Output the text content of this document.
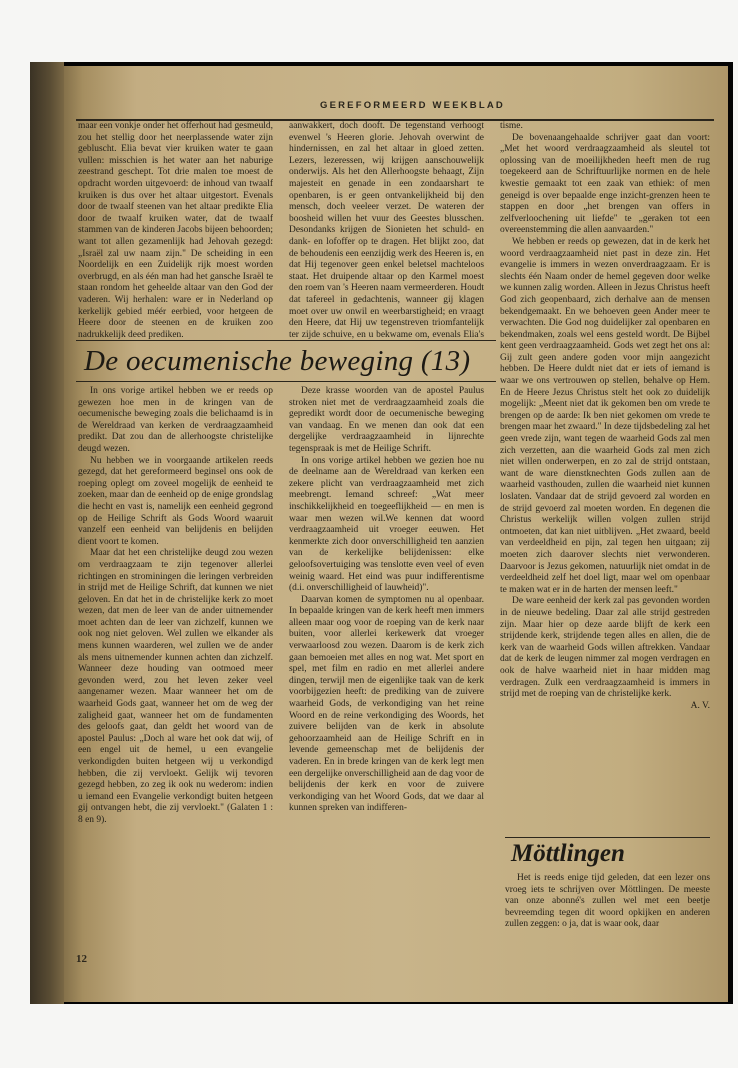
GEREFORMEERD WEEKBLAD

maar een vonkje onder het offerhout had gesmeuld, zou het stellig door het neerplassende water zijn gebluscht. Elia bevat vier kruiken water te gaan vullen: misschien is het water aan het naburige zeestrand geschept. Tot drie malen toe moest de opdracht worden uitgevoerd: de inhoud van twaalf kruiken is dus over het altaar uitgestort. Evenals door de twaalf steenen van het altaar predikte Elia door de twaalf kruiken water, dat de twaalf stammen van de kinderen Jacobs bijeen behoorden; want tot allen gezamenlijk had Jehovah gezegd: „Israël zal uw naam zijn." De scheiding in een Noordelijk en een Zuidelijk rijk moest worden overbrugd, en als één man had het gansche Israël te staan rondom het geheelde altaar van den God der vaderen. Wij herhalen: ware er in Nederland op kerkelijk gebied méér eerbied, voor hetgeen de Heere door de steenen en de kruiken zoo nadrukkelijk deed prediken.

aanwakkert, doch dooft. De tegenstand verhoogt evenwel 's Heeren glorie. Jehovah overwint de hindernissen, en zal het altaar in gloed zetten. Lezers, lezeressen, wij krijgen aanschouwelijk onderwijs. Als het den Allerhoogste behaagt, Zijn majesteit en genade in een zondaarshart te openbaren, is er geen ontvankelijkheid bij den mensch, doch veeleer verzet. De wateren der boosheid willen het vuur des Geestes blusschen. Desondanks krijgen de Sionieten het schuld- en dank- en lofoffer op te dragen. Het blijkt zoo, dat de behoudenis een eenzijdig werk des Heeren is, en dat Hij tegenover geen enkel beletsel machteloos staat. Het druipende altaar op den Karmel moest den roem van 's Heeren naam vermeerderen. Houdt dat tafereel in gedachtenis, wanneer gij klagen moet over uw onwil en weerbarstigheid; en vraagt den Heere, dat Hij uw tegenstreven triomfantelijk ter zijde schuive, en u bekwame om, evenals Elia's

De oecumenische beweging (13)

In ons vorige artikel hebben we er reeds op gewezen hoe men in de kringen van de oecumenische beweging zoals die belichaamd is in de Wereldraad van kerken de verdraagzaamheid predikt. Dat zou dan de allerhoogste christelijke deugd wezen.

Nu hebben we in voorgaande artikelen reeds gezegd, dat het gereformeerd beginsel ons ook de roeping oplegt om zoveel mogelijk de eenheid te zoeken, maar dan de eenheid op de enige grondslag die hecht en vast is, namelijk een eenheid gegrond op de Heilige Schrift als Gods Woord waaruit vanzelf een eenheid van belijdenis en belijden dient voort te komen.

Maar dat het een christelijke deugd zou wezen om verdraagzaam te zijn tegenover allerlei richtingen en strominingen die leringen verbreiden in strijd met de Heilige Schrift, dat kunnen we niet geloven. En dat het in de christelijke kerk zo moet wezen, dat men de leer van de ander uitnemender moet achten dan de leer van zichzelf, kunnen we ook nog niet geloven. Wel zullen we elkander als mens kunnen waarderen, wel zullen we de ander als mens uitnemender kunnen achten dan zichzelf. Wanneer deze houding van ootmoed meer gevonden werd, zou het leven zeker veel aangenamer wezen. Maar wanneer het om de waarheid Gods gaat, wanneer het om de weg der zaligheid gaat, wanneer het om de fundamenten des geloofs gaat, dan geldt het woord van de apostel Paulus: „Doch al ware het ook dat wij, of een engel uit de hemel, u een evangelie verkondigden buiten hetgeen wij u verkondigd hebben, die zij vervloekt. Gelijk wij tevoren gezegd hebben, zo zeg ik ook nu wederom: indien u iemand een Evangelie verkondigt buiten hetgeen gij ontvangen hebt, die zij vervloekt." (Galaten 1 : 8 en 9).

Deze krasse woorden van de apostel Paulus stroken niet met de verdraagzaamheid zoals die gepredikt wordt door de oecumenische beweging van vandaag. En we menen dan ook dat een dergelijke verdraagzaamheid in lijnrechte tegenspraak is met de Heilige Schrift.

In ons vorige artikel hebben we gezien hoe nu de deelname aan de Wereldraad van kerken een zekere plicht van verdraagzaamheid met zich meebrengt. Iemand schreef: „Wat meer inschikkelijkheid en toegeeflijkheid — en men is waar men wezen wil.We kennen dat woord verdraagzaamheid uit vroeger eeuwen. Het kenmerkte zich door onverschilligheid ten aanzien van de kerkelijke belijdenissen: elke geloofsovertuiging was tenslotte even veel of even weinig waard. Het eind was puur indifferentisme (d.i. onverschilligheid of lauwheid)".

Daarvan komen de symptomen nu al openbaar. In bepaalde kringen van de kerk heeft men immers alleen maar oog voor de roeping van de kerk naar buiten, voor allerlei kerkewerk dat vroeger verwaarloosd zou wezen. Daarom is de kerk zich gaan bemoeien met alles en nog wat. Met sport en spel, met film en radio en met allerlei andere dingen, terwijl men de eigenlijke taak van de kerk voorbijgezien heeft: de prediking van de zuivere waarheid Gods, de verkondiging van het reine Woord en de reine verkondiging des Woords, het zuivere belijden van de kerk in absolute gehoorzaamheid aan de Heilige Schrift en in levende gemeenschap met de belijdenis der vaderen. En in brede kringen van de kerk legt men een dergelijke onverschilligheid aan de dag voor de belijdenis der kerk en voor de zuivere verkondiging van het Woord Gods, dat we daar al kunnen spreken van indifferen-

tisme.

De bovenaangehaalde schrijver gaat dan voort: „Met het woord verdraagzaamheid als sleutel tot oplossing van de moeilijkheden heeft men de rug toegekeerd aan de Schriftuurlijke normen en de hele kwestie gemaakt tot een zaak van ethiek: of men geneigd is over bepaalde enge inzicht-grenzen heen te stappen en door „het brengen van offers in zelfverloochening uit liefde" te „geraken tot een overeenstemming die allen aanvaarden."

We hebben er reeds op gewezen, dat in de kerk het woord verdraagzaamheid niet past in deze zin. Het evangelie is immers in wezen onverdraagzaam. Er is slechts één Naam onder de hemel gegeven door welke we kunnen zalig worden. Alleen in Jezus Christus heeft God zich geopenbaard, zich derhalve aan de mensen bekendgemaakt. En we behoeven geen Ander meer te verwachten. Die God nog duidelijker zal openbaren en bekendmaken, zoals wel eens gesteld wordt. De Bijbel kent geen verdraagzaamheid. Gods wet zegt het ons al: Gij zult geen andere goden voor mijn aangezicht hebben. De Heere duldt niet dat er iets of iemand is waar we ons vertrouwen op stellen, behalve op Hem. En de Heere Jezus Christus stelt het ook zo duidelijk mogelijk: „Meent niet dat ik gekomen ben om vrede te brengen op de aarde: Ik ben niet gekomen om vrede te brengen maar het zwaard." In deze tijdsbedeling zal het geen vrede zijn, want tegen de waarheid Gods zal men zich verzetten, aan die waarheid Gods zal men zich niet willen onderwerpen, en zo zal de strijd ontstaan, want de ware dienstknechten Gods zullen aan de waarheid vasthouden, zullen die waarheid niet kunnen loslaten. Vandaar dat de strijd gevoerd zal worden en de strijd gevoerd zal moeten worden. En degenen die Christus werkelijk willen volgen zullen strijd ontmoeten, dat kan niet uitblijven. „Het zwaard, beeld van verdeeldheid en pijn, zal tegen hen uitgaan; zij moeten zich daarover slechts niet verwonderen. Daarvoor is Jezus gekomen, natuurlijk niet omdat in de verdeeldheid zelf het doel ligt, maar wel om openbaar te maken wat er in de harten der mensen leeft."

De ware eenheid der kerk zal pas gevonden worden in de nieuwe bedeling. Daar zal alle strijd gestreden zijn. Maar hier op deze aarde blijft de kerk een strijdende kerk, strijdende tegen alles en allen, die de kerk van de waarheid Gods willen aftrekken. Vandaar dat de kerk de leugen nimmer zal mogen verdragen en ook de halve waarheid niet in haar midden mag verdragen. Zulk een verdraagzaamheid is immers in strijd met de roeping van de christelijke kerk.

A. V.
Möttlingen

Het is reeds enige tijd geleden, dat een lezer ons vroeg iets te schrijven over Möttlingen. De meeste van onze abonné's zullen wel met een beetje bevreemding tegen dit woord opkijken en anderen zullen zeggen: o ja, dat is waar ook, daar

12
